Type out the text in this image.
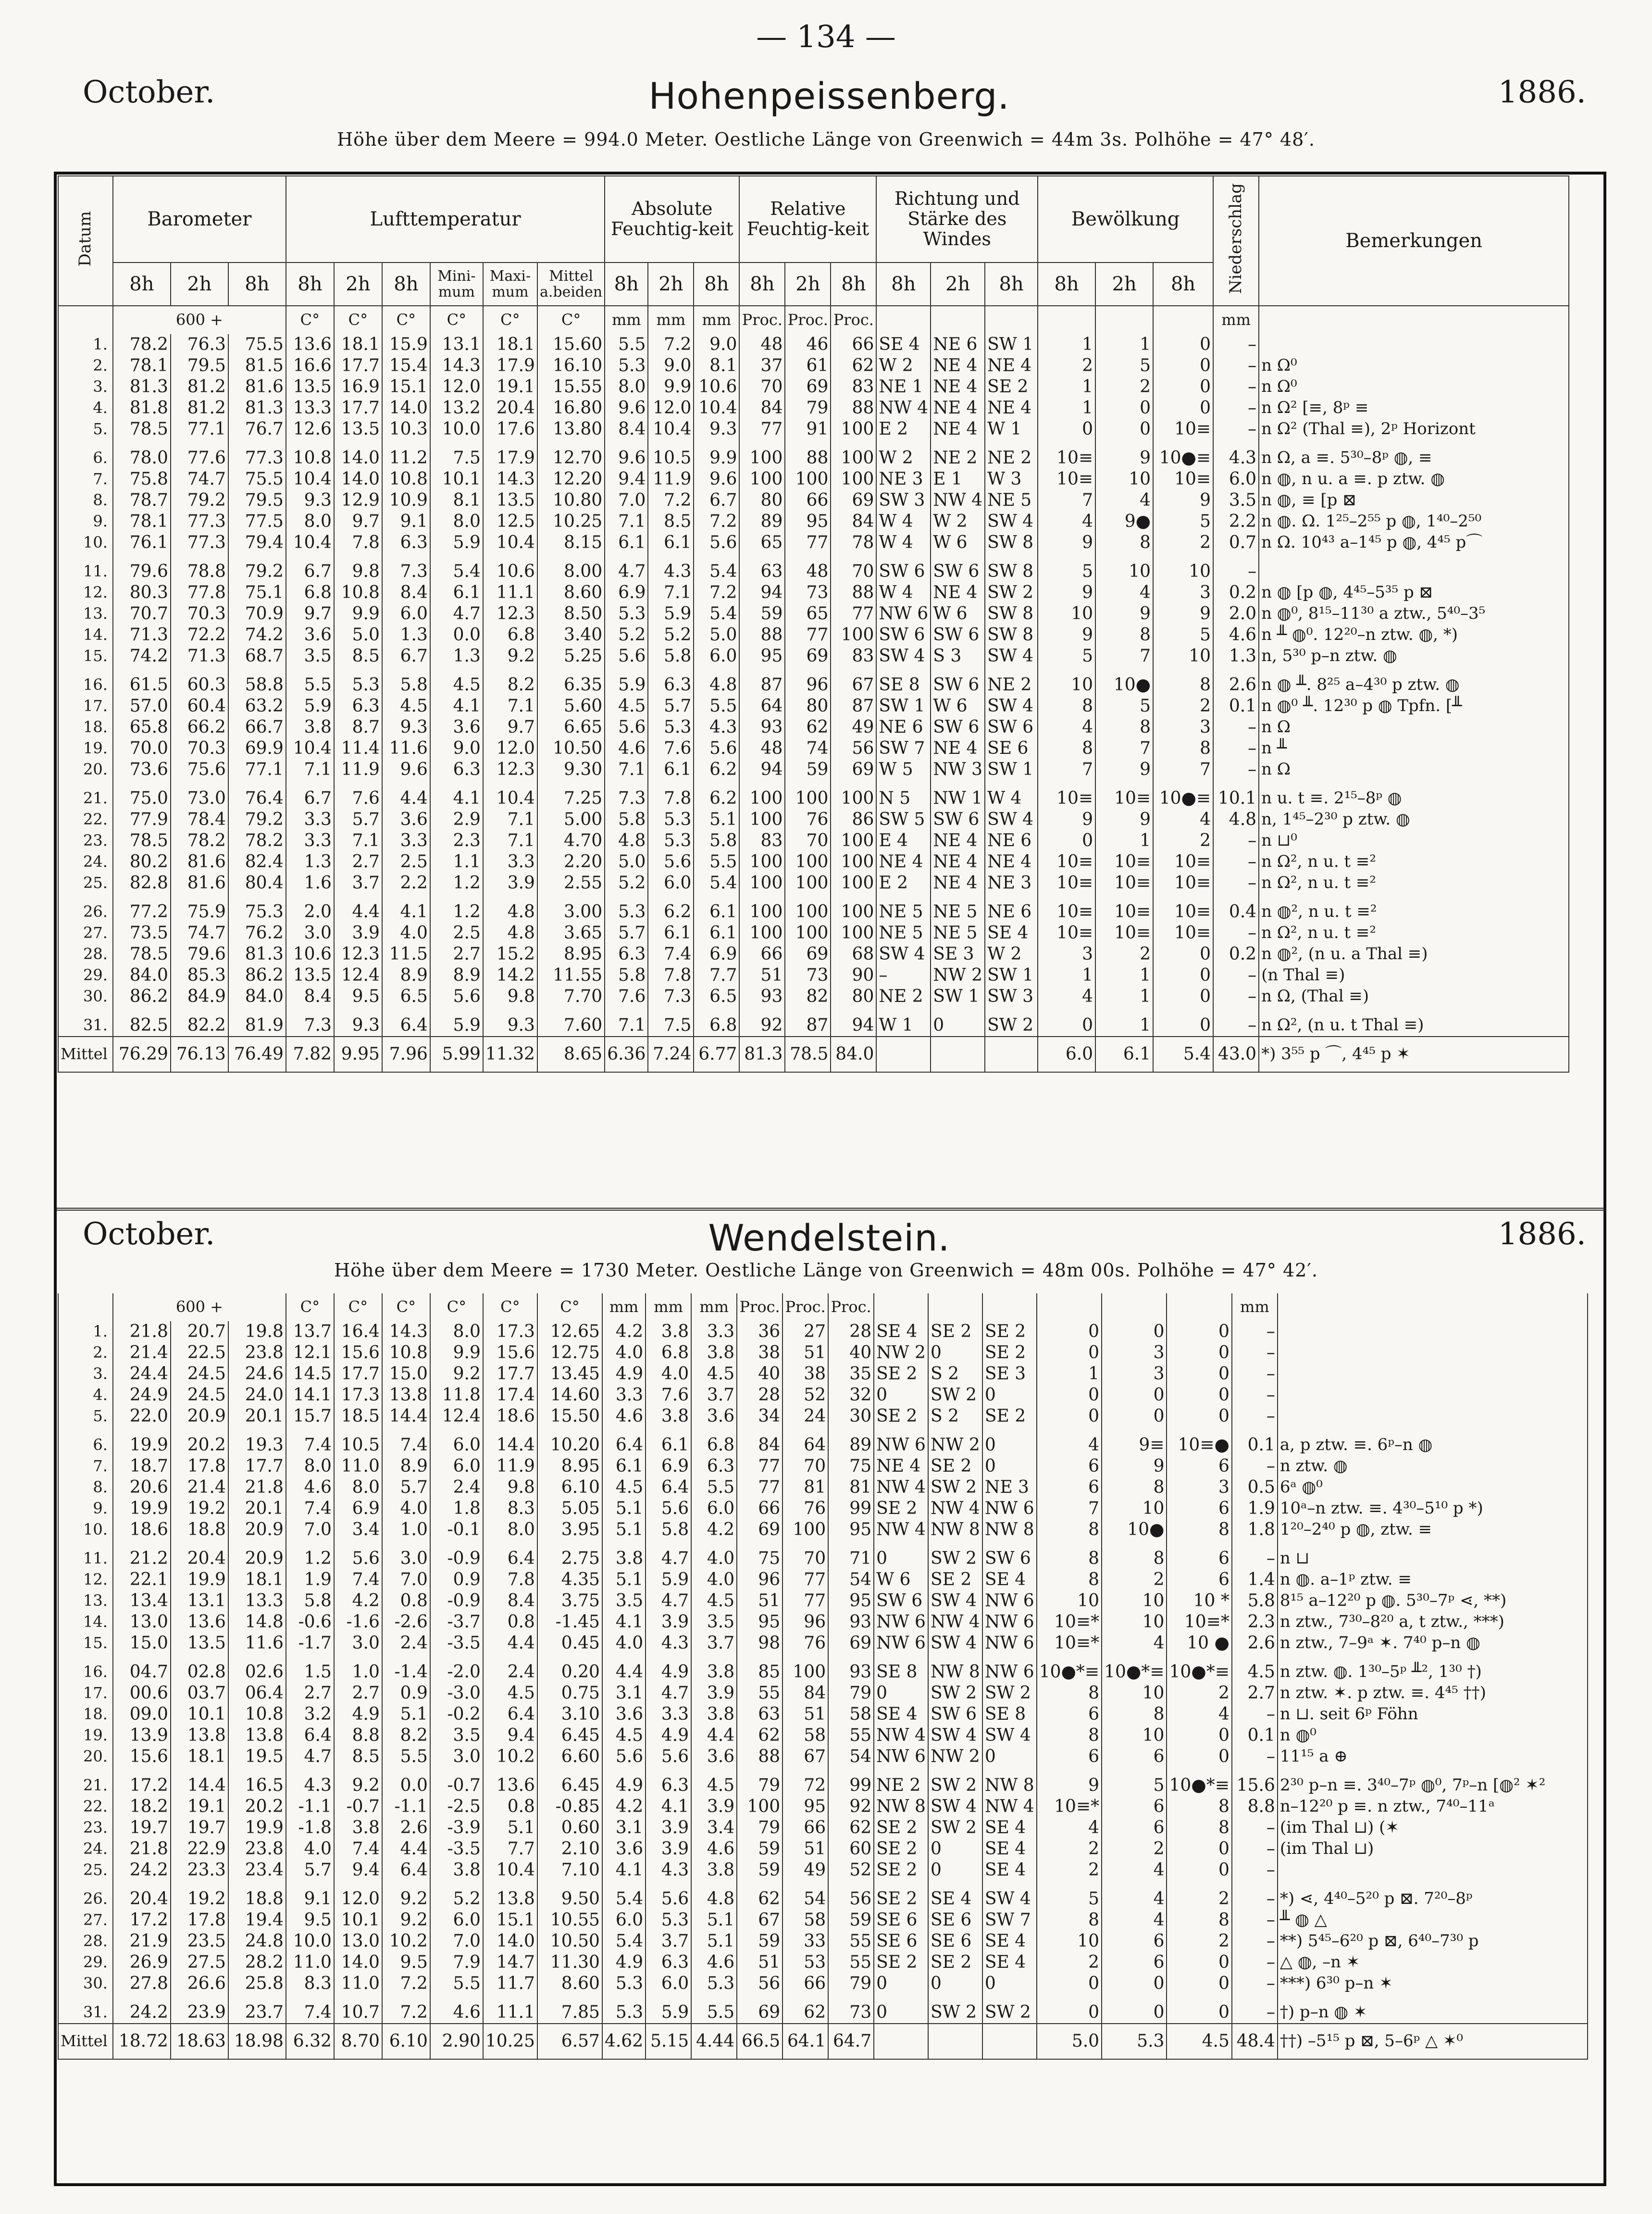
— 134 —
October.	Hohenpeissenberg.	1886.
Höhe über dem Meere = 994.0 Meter. Oestliche Länge von Greenwich = 44m 3s. Polhöhe = 47° 48′.
Datum	Barometer			Lufttemperatur						Absolute Feuchtig-keit			Relative Feuchtig-keit			Richtung und Stärke des Windes			Bewölkung			Niederschlag	Bemerkungen
	8h	2h	8h	8h	2h	8h	Mini-mum	Maxi-mum	Mittel a.beiden	8h	2h	8h	8h	2h	8h	8h	2h	8h	8h	2h	8h		
	600 +			C°	C°	C°	C°	C°	C°	mm	mm	mm	Proc.	Proc.	Proc.							mm	
1.	78.2	76.3	75.5	13.6	18.1	15.9	13.1	18.1	15.60	5.5	7.2	9.0	48	46	66	SE 4	NE 6	SW 1	1	1	0	–	
2.	78.1	79.5	81.5	16.6	17.7	15.4	14.3	17.9	16.10	5.3	9.0	8.1	37	61	62	W 2	NE 4	NE 4	2	5	0	–	n Ω⁰
3.	81.3	81.2	81.6	13.5	16.9	15.1	12.0	19.1	15.55	8.0	9.9	10.6	70	69	83	NE 1	NE 4	SE 2	1	2	0	–	n Ω⁰
4.	81.8	81.2	81.3	13.3	17.7	14.0	13.2	20.4	16.80	9.6	12.0	10.4	84	79	88	NW 4	NE 4	NE 4	1	0	0	–	n Ω² [≡, 8ᵖ ≡
5.	78.5	77.1	76.7	12.6	13.5	10.3	10.0	17.6	13.80	8.4	10.4	9.3	77	91	100	E 2	NE 4	W 1	0	0	10≡	–	n Ω² (Thal ≡), 2ᵖ Horizont
6.	78.0	77.6	77.3	10.8	14.0	11.2	7.5	17.9	12.70	9.6	10.5	9.9	100	88	100	W 2	NE 2	NE 2	10≡	9	10●≡	4.3	n Ω, a ≡. 5³⁰–8ᵖ ◍, ≡
7.	75.8	74.7	75.5	10.4	14.0	10.8	10.1	14.3	12.20	9.4	11.9	9.6	100	100	100	NE 3	E 1	W 3	10≡	10	10≡	6.0	n ◍, n u. a ≡. p ztw. ◍
8.	78.7	79.2	79.5	9.3	12.9	10.9	8.1	13.5	10.80	7.0	7.2	6.7	80	66	69	SW 3	NW 4	NE 5	7	4	9	3.5	n ◍, ≡ [p ⊠
9.	78.1	77.3	77.5	8.0	9.7	9.1	8.0	12.5	10.25	7.1	8.5	7.2	89	95	84	W 4	W 2	SW 4	4	9●	5	2.2	n ◍. Ω. 1²⁵–2⁵⁵ p ◍, 1⁴⁰–2⁵⁰
10.	76.1	77.3	79.4	10.4	7.8	6.3	5.9	10.4	8.15	6.1	6.1	5.6	65	77	78	W 4	W 6	SW 8	9	8	2	0.7	n Ω. 10⁴³ a–1⁴⁵ p ◍, 4⁴⁵ p⌒
11.	79.6	78.8	79.2	6.7	9.8	7.3	5.4	10.6	8.00	4.7	4.3	5.4	63	48	70	SW 6	SW 6	SW 8	5	10	10	–	
12.	80.3	77.8	75.1	6.8	10.8	8.4	6.1	11.1	8.60	6.9	7.1	7.2	94	73	88	W 4	NE 4	SW 2	9	4	3	0.2	n ◍ [p ◍, 4⁴⁵–5³⁵ p ⊠
13.	70.7	70.3	70.9	9.7	9.9	6.0	4.7	12.3	8.50	5.3	5.9	5.4	59	65	77	NW 6	W 6	SW 8	10	9	9	2.0	n ◍⁰, 8¹⁵–11³⁰ a ztw., 5⁴⁰–3⁵
14.	71.3	72.2	74.2	3.6	5.0	1.3	0.0	6.8	3.40	5.2	5.2	5.0	88	77	100	SW 6	SW 6	SW 8	9	8	5	4.6	n ╨ ◍⁰. 12²⁰–n ztw. ◍, *)
15.	74.2	71.3	68.7	3.5	8.5	6.7	1.3	9.2	5.25	5.6	5.8	6.0	95	69	83	SW 4	S 3	SW 4	5	7	10	1.3	n, 5³⁰ p–n ztw. ◍
16.	61.5	60.3	58.8	5.5	5.3	5.8	4.5	8.2	6.35	5.9	6.3	4.8	87	96	67	SE 8	SW 6	NE 2	10	10●	8	2.6	n ◍ ╨. 8²⁵ a–4³⁰ p ztw. ◍
17.	57.0	60.4	63.2	5.9	6.3	4.5	4.1	7.1	5.60	4.5	5.7	5.5	64	80	87	SW 1	W 6	SW 4	8	5	2	0.1	n ◍⁰ ╨. 12³⁰ p ◍ Tpfn. [╨
18.	65.8	66.2	66.7	3.8	8.7	9.3	3.6	9.7	6.65	5.6	5.3	4.3	93	62	49	NE 6	SW 6	SW 6	4	8	3	–	n Ω
19.	70.0	70.3	69.9	10.4	11.4	11.6	9.0	12.0	10.50	4.6	7.6	5.6	48	74	56	SW 7	NE 4	SE 6	8	7	8	–	n ╨
20.	73.6	75.6	77.1	7.1	11.9	9.6	6.3	12.3	9.30	7.1	6.1	6.2	94	59	69	W 5	NW 3	SW 1	7	9	7	–	n Ω
21.	75.0	73.0	76.4	6.7	7.6	4.4	4.1	10.4	7.25	7.3	7.8	6.2	100	100	100	N 5	NW 1	W 4	10≡	10≡	10●≡	10.1	n u. t ≡. 2¹⁵–8ᵖ ◍
22.	77.9	78.4	79.2	3.3	5.7	3.6	2.9	7.1	5.00	5.8	5.3	5.1	100	76	86	SW 5	SW 6	SW 4	9	9	4	4.8	n, 1⁴⁵–2³⁰ p ztw. ◍
23.	78.5	78.2	78.2	3.3	7.1	3.3	2.3	7.1	4.70	4.8	5.3	5.8	83	70	100	E 4	NE 4	NE 6	0	1	2	–	n ⊔⁰
24.	80.2	81.6	82.4	1.3	2.7	2.5	1.1	3.3	2.20	5.0	5.6	5.5	100	100	100	NE 4	NE 4	NE 4	10≡	10≡	10≡	–	n Ω², n u. t ≡²
25.	82.8	81.6	80.4	1.6	3.7	2.2	1.2	3.9	2.55	5.2	6.0	5.4	100	100	100	E 2	NE 4	NE 3	10≡	10≡	10≡	–	n Ω², n u. t ≡²
26.	77.2	75.9	75.3	2.0	4.4	4.1	1.2	4.8	3.00	5.3	6.2	6.1	100	100	100	NE 5	NE 5	NE 6	10≡	10≡	10≡	0.4	n ◍², n u. t ≡²
27.	73.5	74.7	76.2	3.0	3.9	4.0	2.5	4.8	3.65	5.7	6.1	6.1	100	100	100	NE 5	NE 5	SE 4	10≡	10≡	10≡	–	n Ω², n u. t ≡²
28.	78.5	79.6	81.3	10.6	12.3	11.5	2.7	15.2	8.95	6.3	7.4	6.9	66	69	68	SW 4	SE 3	W 2	3	2	0	0.2	n ◍², (n u. a Thal ≡)
29.	84.0	85.3	86.2	13.5	12.4	8.9	8.9	14.2	11.55	5.8	7.8	7.7	51	73	90	–	NW 2	SW 1	1	1	0	–	(n Thal ≡)
30.	86.2	84.9	84.0	8.4	9.5	6.5	5.6	9.8	7.70	7.6	7.3	6.5	93	82	80	NE 2	SW 1	SW 3	4	1	0	–	n Ω, (Thal ≡)
31.	82.5	82.2	81.9	7.3	9.3	6.4	5.9	9.3	7.60	7.1	7.5	6.8	92	87	94	W 1	0	SW 2	0	1	0	–	n Ω², (n u. t Thal ≡)
Mittel	76.29	76.13	76.49	7.82	9.95	7.96	5.99	11.32	8.65	6.36	7.24	6.77	81.3	78.5	84.0				6.0	6.1	5.4	43.0	*) 3⁵⁵ p ⌒, 4⁴⁵ p ✶
October.	Wendelstein.	1886.
Höhe über dem Meere = 1730 Meter. Oestliche Länge von Greenwich = 48m 00s. Polhöhe = 47° 42′.
	600 +			C°	C°	C°	C°	C°	C°	mm	mm	mm	Proc.	Proc.	Proc.							mm	
1.	21.8	20.7	19.8	13.7	16.4	14.3	8.0	17.3	12.65	4.2	3.8	3.3	36	27	28	SE 4	SE 2	SE 2	0	0	0	–	
2.	21.4	22.5	23.8	12.1	15.6	10.8	9.9	15.6	12.75	4.0	6.8	3.8	38	51	40	NW 2	0	SE 2	0	3	0	–	
3.	24.4	24.5	24.6	14.5	17.7	15.0	9.2	17.7	13.45	4.9	4.0	4.5	40	38	35	SE 2	S 2	SE 3	1	3	0	–	
4.	24.9	24.5	24.0	14.1	17.3	13.8	11.8	17.4	14.60	3.3	7.6	3.7	28	52	32	0	SW 2	0	0	0	0	–	
5.	22.0	20.9	20.1	15.7	18.5	14.4	12.4	18.6	15.50	4.6	3.8	3.6	34	24	30	SE 2	S 2	SE 2	0	0	0	–	
6.	19.9	20.2	19.3	7.4	10.5	7.4	6.0	14.4	10.20	6.4	6.1	6.8	84	64	89	NW 6	NW 2	0	4	9≡	10≡●	0.1	a, p ztw. ≡. 6ᵖ–n ◍
7.	18.7	17.8	17.7	8.0	11.0	8.9	6.0	11.9	8.95	6.1	6.9	6.3	77	70	75	NE 4	SE 2	0	6	9	6	–	n ztw. ◍
8.	20.6	21.4	21.8	4.6	8.0	5.7	2.4	9.8	6.10	4.5	6.4	5.5	77	81	81	NW 4	SW 2	NE 3	6	8	3	0.5	6ᵃ ◍⁰
9.	19.9	19.2	20.1	7.4	6.9	4.0	1.8	8.3	5.05	5.1	5.6	6.0	66	76	99	SE 2	NW 4	NW 6	7	10	6	1.9	10ᵃ–n ztw. ≡. 4³⁰–5¹⁰ p *)
10.	18.6	18.8	20.9	7.0	3.4	1.0	-0.1	8.0	3.95	5.1	5.8	4.2	69	100	95	NW 4	NW 8	NW 8	8	10●	8	1.8	1²⁰–2⁴⁰ p ◍, ztw. ≡
11.	21.2	20.4	20.9	1.2	5.6	3.0	-0.9	6.4	2.75	3.8	4.7	4.0	75	70	71	0	SW 2	SW 6	8	8	6	–	n ⊔
12.	22.1	19.9	18.1	1.9	7.4	7.0	0.9	7.8	4.35	5.1	5.9	4.0	96	77	54	W 6	SE 2	SE 4	8	2	6	1.4	n ◍. a–1ᵖ ztw. ≡
13.	13.4	13.1	13.3	5.8	4.2	0.8	-0.9	8.4	3.75	3.5	4.7	4.5	51	77	95	SW 6	SW 4	NW 6	10	10	10 *	5.8	8¹⁵ a–12²⁰ p ◍. 5³⁰–7ᵖ ⋖, **)
14.	13.0	13.6	14.8	-0.6	-1.6	-2.6	-3.7	0.8	-1.45	4.1	3.9	3.5	95	96	93	NW 6	NW 4	NW 6	10≡*	10	10≡*	2.3	n ztw., 7³⁰–8²⁰ a, t ztw., ***)
15.	15.0	13.5	11.6	-1.7	3.0	2.4	-3.5	4.4	0.45	4.0	4.3	3.7	98	76	69	NW 6	SW 4	NW 6	10≡*	4	10 ●	2.6	n ztw., 7–9ᵃ ✶. 7⁴⁰ p–n ◍
16.	04.7	02.8	02.6	1.5	1.0	-1.4	-2.0	2.4	0.20	4.4	4.9	3.8	85	100	93	SE 8	NW 8	NW 6	10●*≡	10●*≡	10●*≡	4.5	n ztw. ◍. 1³⁰–5ᵖ ╨², 1³⁰ †)
17.	00.6	03.7	06.4	2.7	2.7	0.9	-3.0	4.5	0.75	3.1	4.7	3.9	55	84	79	0	SW 2	SW 2	8	10	2	2.7	n ztw. ✶. p ztw. ≡. 4⁴⁵ ††)
18.	09.0	10.1	10.8	3.2	4.9	5.1	-0.2	6.4	3.10	3.6	3.3	3.8	63	51	58	SE 4	SW 6	SE 8	6	8	4	–	n ⊔. seit 6ᵖ Föhn
19.	13.9	13.8	13.8	6.4	8.8	8.2	3.5	9.4	6.45	4.5	4.9	4.4	62	58	55	NW 4	SW 4	SW 4	8	10	0	0.1	n ◍⁰
20.	15.6	18.1	19.5	4.7	8.5	5.5	3.0	10.2	6.60	5.6	5.6	3.6	88	67	54	NW 6	NW 2	0	6	6	0	–	11¹⁵ a ⊕
21.	17.2	14.4	16.5	4.3	9.2	0.0	-0.7	13.6	6.45	4.9	6.3	4.5	79	72	99	NE 2	SW 2	NW 8	9	5	10●*≡	15.6	2³⁰ p–n ≡. 3⁴⁰–7ᵖ ◍⁰, 7ᵖ–n [◍² ✶²
22.	18.2	19.1	20.2	-1.1	-0.7	-1.1	-2.5	0.8	-0.85	4.2	4.1	3.9	100	95	92	NW 8	SW 4	NW 4	10≡*	6	8	8.8	n–12²⁰ p ≡. n ztw., 7⁴⁰–11ᵃ
23.	19.7	19.7	19.9	-1.8	3.8	2.6	-3.9	5.1	0.60	3.1	3.9	3.4	79	66	62	SE 2	SW 2	SE 4	4	6	8	–	(im Thal ⊔) (✶
24.	21.8	22.9	23.8	4.0	7.4	4.4	-3.5	7.7	2.10	3.6	3.9	4.6	59	51	60	SE 2	0	SE 4	2	2	0	–	(im Thal ⊔)
25.	24.2	23.3	23.4	5.7	9.4	6.4	3.8	10.4	7.10	4.1	4.3	3.8	59	49	52	SE 2	0	SE 4	2	4	0	–	
26.	20.4	19.2	18.8	9.1	12.0	9.2	5.2	13.8	9.50	5.4	5.6	4.8	62	54	56	SE 2	SE 4	SW 4	5	4	2	–	*) ⋖, 4⁴⁰–5²⁰ p ⊠. 7²⁰–8ᵖ
27.	17.2	17.8	19.4	9.5	10.1	9.2	6.0	15.1	10.55	6.0	5.3	5.1	67	58	59	SE 6	SE 6	SW 7	8	4	8	–	╨ ◍ △
28.	21.9	23.5	24.8	10.0	13.0	10.2	7.0	14.0	10.50	5.4	3.7	5.1	59	33	55	SE 6	SE 6	SE 4	10	6	2	–	**) 5⁴⁵–6²⁰ p ⊠, 6⁴⁰–7³⁰ p
29.	26.9	27.5	28.2	11.0	14.0	9.5	7.9	14.7	11.30	4.9	6.3	4.6	51	53	55	SE 2	SE 2	SE 4	2	6	0	–	△ ◍, –n ✶
30.	27.8	26.6	25.8	8.3	11.0	7.2	5.5	11.7	8.60	5.3	6.0	5.3	56	66	79	0	0	0	0	0	0	–	***) 6³⁰ p–n ✶
31.	24.2	23.9	23.7	7.4	10.7	7.2	4.6	11.1	7.85	5.3	5.9	5.5	69	62	73	0	SW 2	SW 2	0	0	0	–	†) p–n ◍ ✶
Mittel	18.72	18.63	18.98	6.32	8.70	6.10	2.90	10.25	6.57	4.62	5.15	4.44	66.5	64.1	64.7				5.0	5.3	4.5	48.4	††) –5¹⁵ p ⊠, 5–6ᵖ △ ✶⁰
